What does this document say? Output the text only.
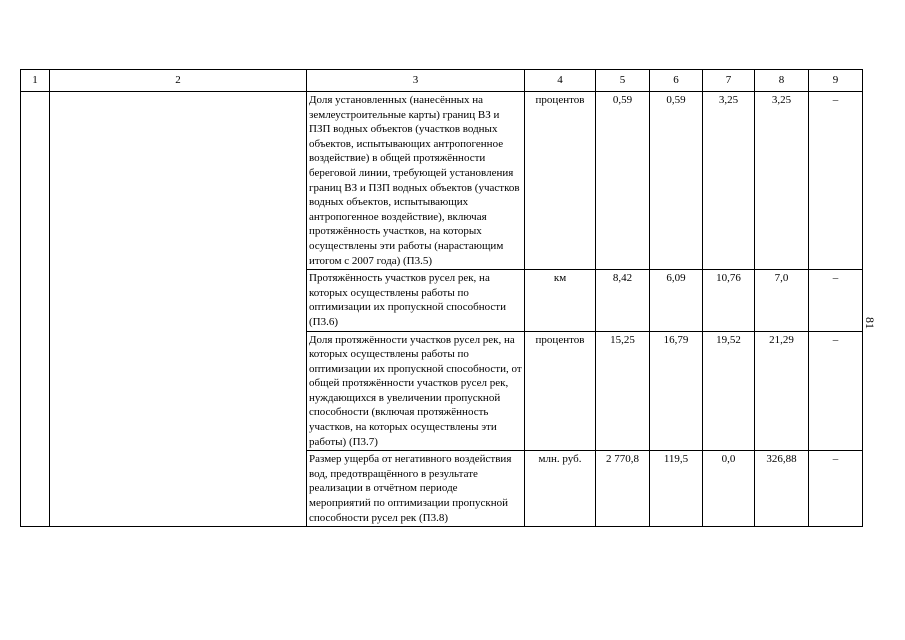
1	2	3	4	5	6	7	8	9
		Доля установленных (нанесённых на землеустроительные карты) границ ВЗ и ПЗП водных объектов (участков водных объектов, испытывающих антропогенное воздействие) в общей протяжённости береговой линии, требующей установления границ ВЗ и ПЗП водных объектов (участков водных объектов, испытывающих антропогенное воздействие), включая протяжённость участков, на которых осуществлены эти работы (нарастающим итогом с 2007 года) (П3.5)	процентов	0,59	0,59	3,25	3,25	–
		Протяжённость участков русел рек, на которых осуществлены работы по оптимизации их пропускной способности (П3.6)	км	8,42	6,09	10,76	7,0	–
		Доля протяжённости участков русел рек, на которых осуществлены работы по оптимизации их пропускной способности, от общей протяжённости участков русел рек, нуждающихся в увеличении пропускной способности (включая протяжённость участков, на которых осуществлены эти работы) (П3.7)	процентов	15,25	16,79	19,52	21,29	–
		Размер ущерба от негативного воздействия вод, предотвращённого в результате реализации в отчётном периоде мероприятий по оптимизации пропускной способности русел рек (П3.8)	млн. руб.	2 770,8	119,5	0,0	326,88	–
81
